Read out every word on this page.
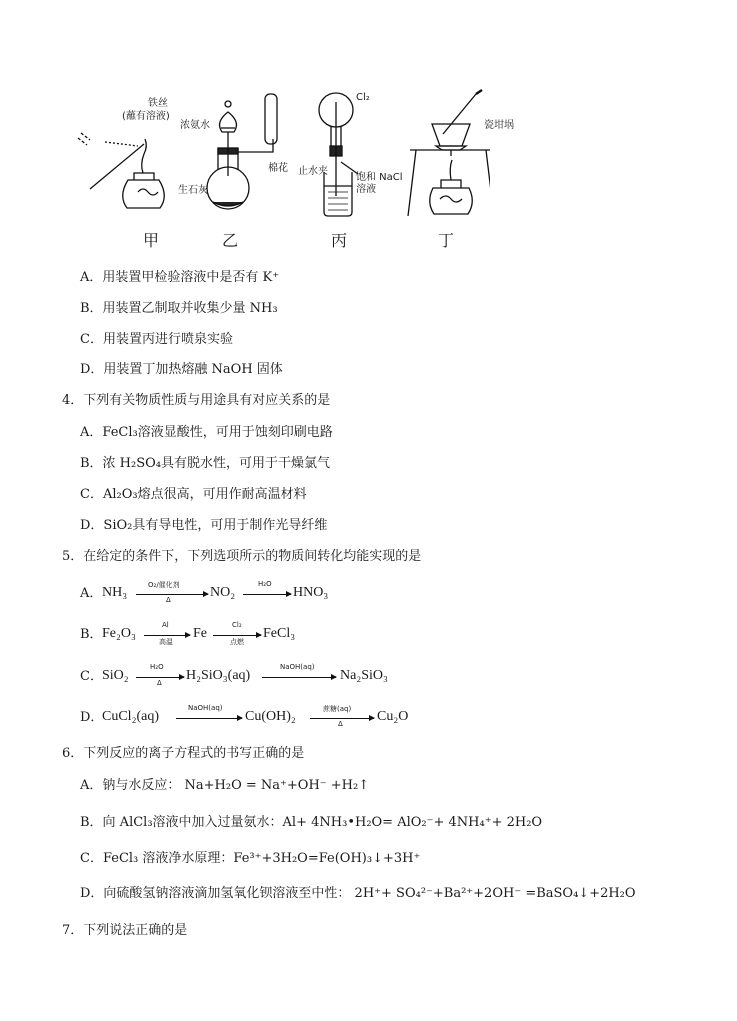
铁丝
(蘸有溶液)
浓氨水
生石灰
棉花
Cl₂
止水夹
饱和 NaCl
溶液
瓷坩埚
甲	乙	丙	丁
A．用装置甲检验溶液中是否有 K⁺
B．用装置乙制取并收集少量 NH₃
C．用装置丙进行喷泉实验
D．用装置丁加热熔融 NaOH 固体
4．下列有关物质性质与用途具有对应关系的是
A．FeCl₃溶液显酸性，可用于蚀刻印刷电路
B．浓 H₂SO₄具有脱水性，可用于干燥氯气
C．Al₂O₃熔点很高，可用作耐高温材料
D．SiO₂具有导电性，可用于制作光导纤维
5．在给定的条件下，下列选项所示的物质间转化均能实现的是
A． NH₃	O₂/催化剂
Δ	NO₂
H₂O
HNO₃
B． Fe₂O₃
Al
高温
Fe
Cl₂
点燃
FeCl₃
C． SiO₂
H₂O
Δ H₂SiO₃(aq)
NaOH(aq)
Na₂SiO₃
D．
CuCl₂(aq)
NaOH(aq)
Cu(OH)₂	蔗糖(aq)
Δ Cu₂O
6．下列反应的离子方程式的书写正确的是
A．钠与水反应： Na+H₂O = Na⁺+OH⁻ +H₂↑
B．向 AlCl₃溶液中加入过量氨水：Al+ 4NH₃•H₂O= AlO₂⁻+ 4NH₄⁺+ 2H₂O
C．FeCl₃ 溶液净水原理：Fe³⁺+3H₂O=Fe(OH)₃↓+3H⁺
D．向硫酸氢钠溶液滴加氢氧化钡溶液至中性： 2H⁺+ SO₄²⁻+Ba²⁺+2OH⁻ =BaSO₄↓+2H₂O
7．下列说法正确的是
